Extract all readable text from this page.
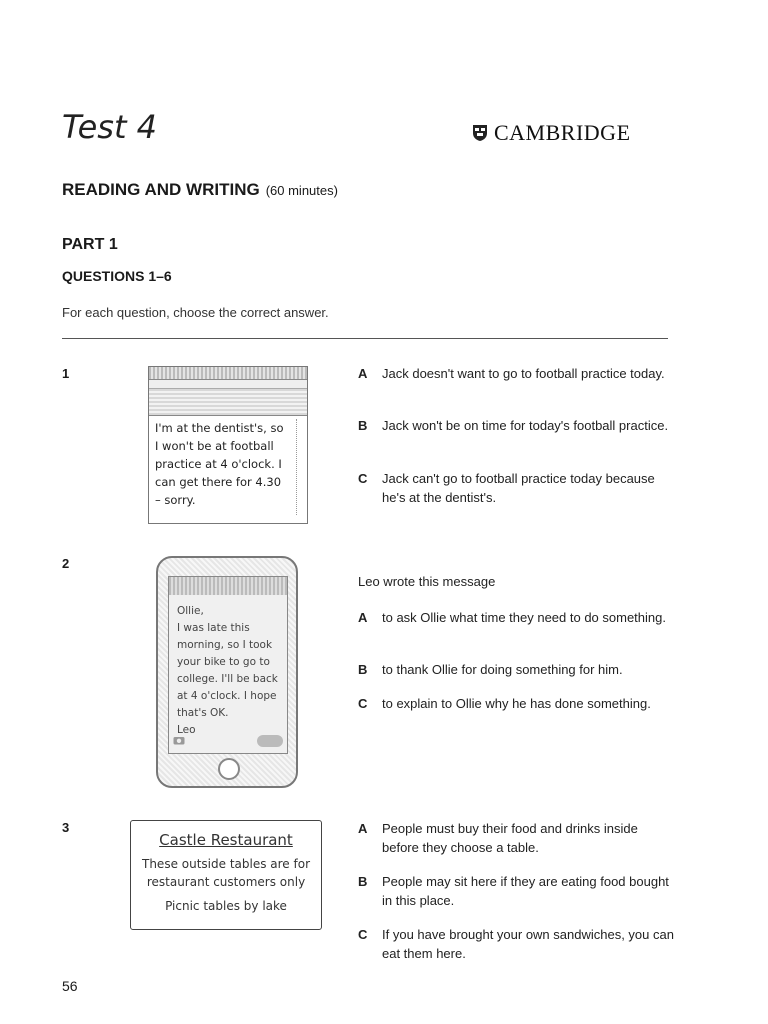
Test 4	CAMBRIDGE
READING AND WRITING (60 minutes)
PART 1
QUESTIONS 1–6
For each question, choose the correct answer.
1
I'm at the dentist's, so
I won't be at football
practice at 4 o'clock. I
can get there for 4.30
– sorry.
A	Jack doesn't want to go to football practice today.
B	Jack won't be on time for today's football practice.
C	Jack can't go to football practice today because he's at the dentist's.
2
Ollie,
I was late this
morning, so I took
your bike to go to
college. I'll be back
at 4 o'clock. I hope
that's OK.
Leo
Leo wrote this message
A	to ask Ollie what time they need to do something.
B	to thank Ollie for doing something for him.
C	to explain to Ollie why he has done something.
3
Castle Restaurant
These outside tables are for
restaurant customers only
Picnic tables by lake
A	People must buy their food and drinks inside before they choose a table.
B	People may sit here if they are eating food bought in this place.
C	If you have brought your own sandwiches, you can eat them here.
56
